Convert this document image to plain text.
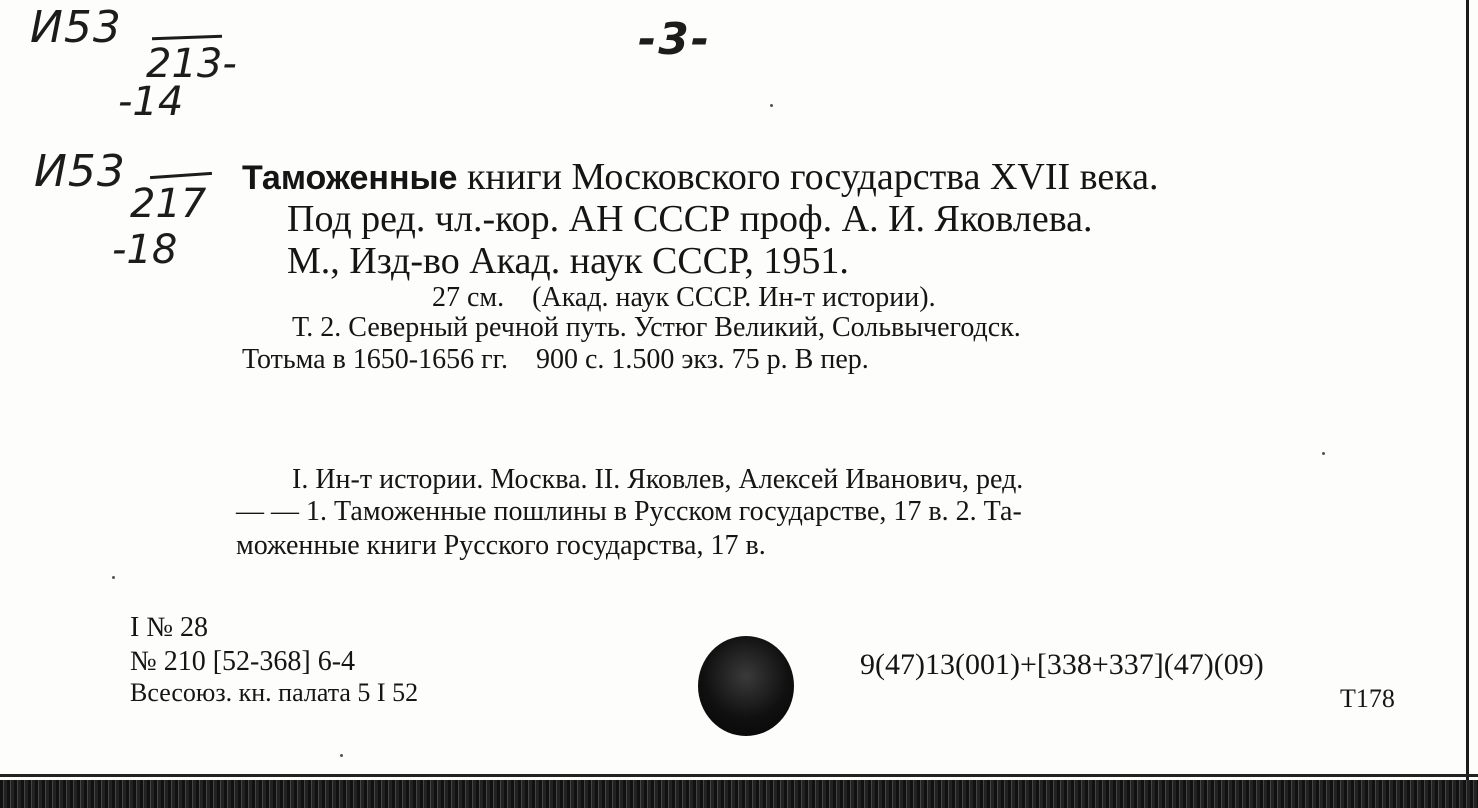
И53
213-
-14
И53
217
-18
-3-
Таможенные книги Московского государства XVII века.
Под ред. чл.-кор. АН СССР проф. А. И. Яковлева.
М., Изд-во Акад. наук СССР, 1951.
27 см.    (Акад. наук СССР. Ин-т истории).
Т. 2. Северный речной путь. Устюг Великий, Сольвычегодск.
Тотьма в 1650-1656 гг.    900 с. 1.500 экз. 75 р. В пер.
I. Ин-т истории. Москва. II. Яковлев, Алексей Иванович, ред.
— — 1. Таможенные пошлины в Русском государстве, 17 в. 2. Та-
моженные книги Русского государства, 17 в.
I № 28
№ 210 [52-368] 6-4
Всесоюз. кн. палата 5 I 52
9(47)13(001)+[338+337](47)(09)
T178
